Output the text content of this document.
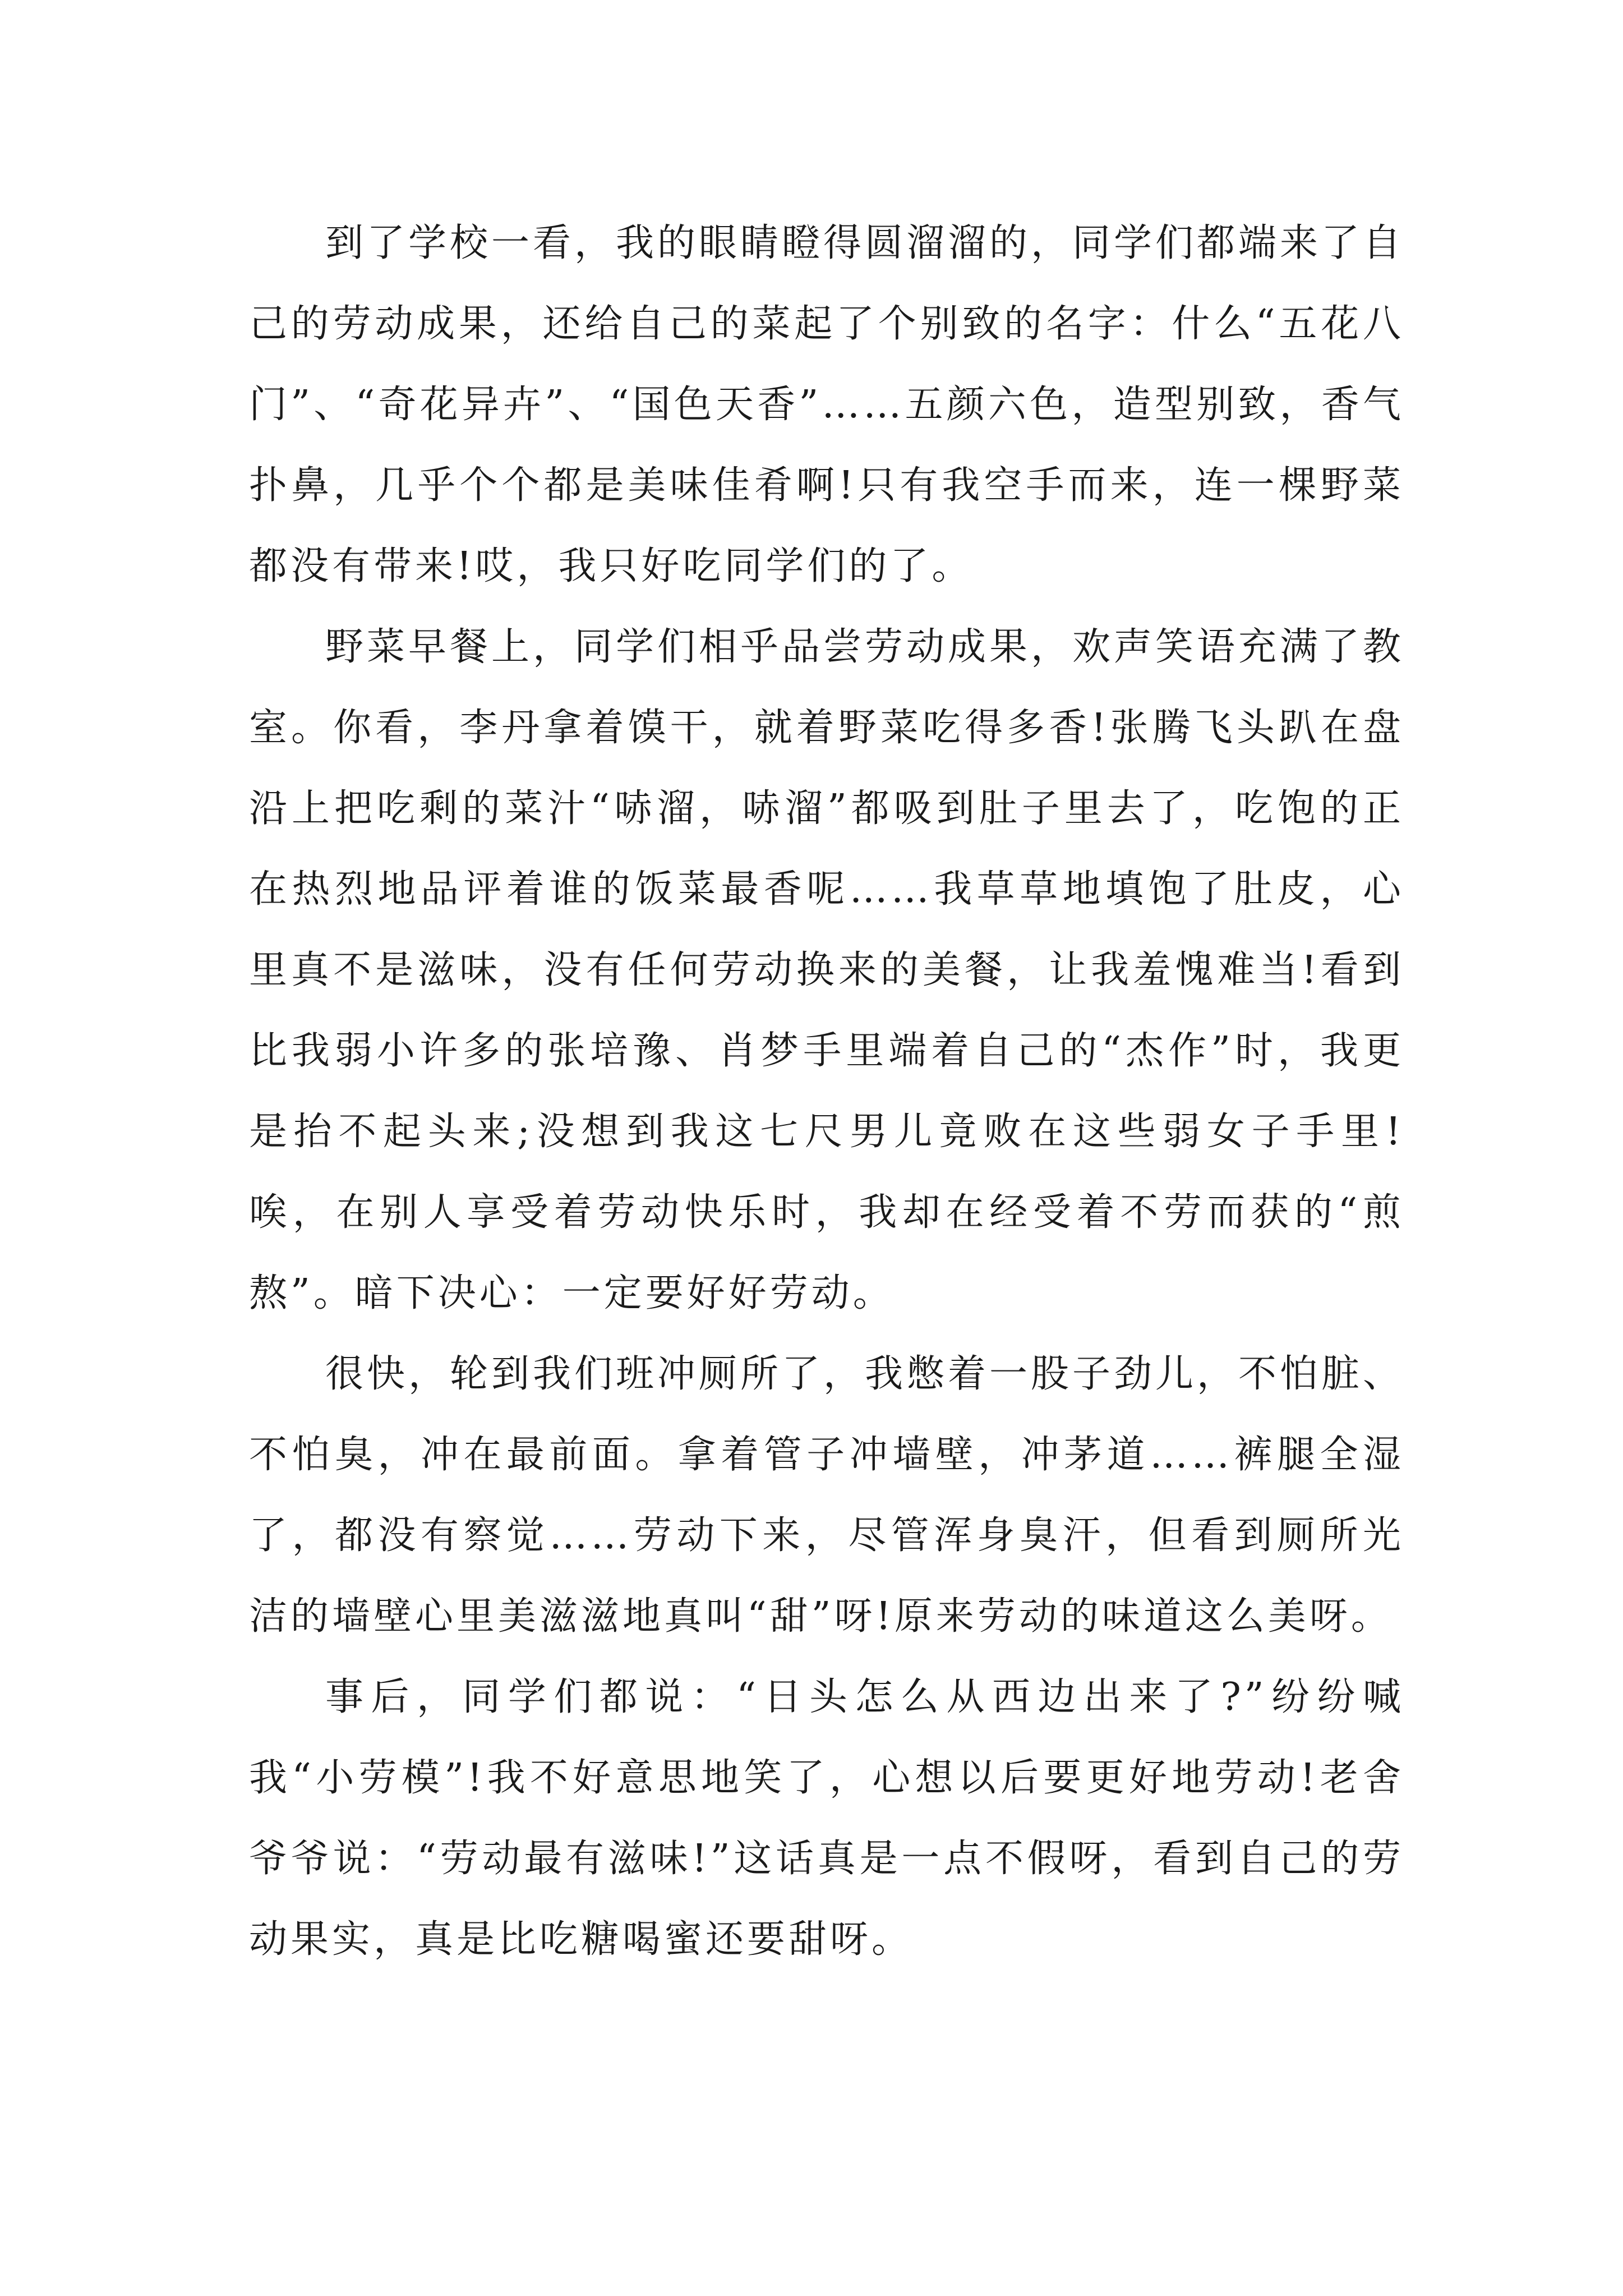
到了学校一看，我的眼睛瞪得圆溜溜的，同学们都端来了自己的劳动成果，还给自己的菜起了个别致的名字：什么“五花八门”、“奇花异卉”、“国色天香”……五颜六色，造型别致，香气扑鼻，几乎个个都是美味佳肴啊!只有我空手而来，连一棵野菜都没有带来!哎，我只好吃同学们的了。

野菜早餐上，同学们相乎品尝劳动成果，欢声笑语充满了教室。你看，李丹拿着馍干，就着野菜吃得多香!张腾飞头趴在盘沿上把吃剩的菜汁“哧溜，哧溜”都吸到肚子里去了，吃饱的正在热烈地品评着谁的饭菜最香呢……我草草地填饱了肚皮，心里真不是滋味，没有任何劳动换来的美餐，让我羞愧难当!看到比我弱小许多的张培豫、肖梦手里端着自己的“杰作”时，我更是抬不起头来;没想到我这七尺男儿竟败在这些弱女子手里!唉，在别人享受着劳动快乐时，我却在经受着不劳而获的“煎熬”。暗下决心：一定要好好劳动。

很快，轮到我们班冲厕所了，我憋着一股子劲儿，不怕脏、不怕臭，冲在最前面。拿着管子冲墙壁，冲茅道……裤腿全湿了，都没有察觉……劳动下来，尽管浑身臭汗，但看到厕所光洁的墙壁心里美滋滋地真叫“甜”呀!原来劳动的味道这么美呀。

事后，同学们都说：“日头怎么从西边出来了?”纷纷喊我“小劳模”!我不好意思地笑了，心想以后要更好地劳动!老舍爷爷说：“劳动最有滋味!”这话真是一点不假呀，看到自己的劳动果实，真是比吃糖喝蜜还要甜呀。
